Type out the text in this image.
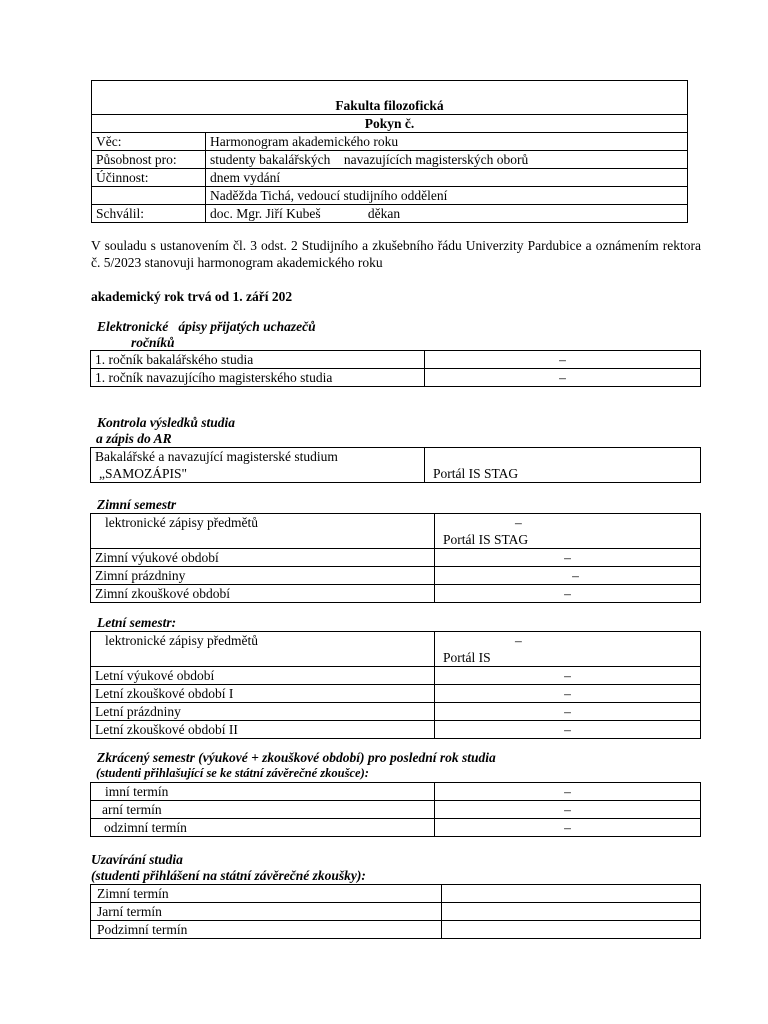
Fakulta filozofická	
Pokyn č.	
Věc:	Harmonogram akademického roku
Působnost pro:	studenty bakalářských    navazujících magisterských oborů
Účinnost:	dnem vydání
	Naděžda Tichá, vedoucí studijního oddělení
Schválil:	doc. Mgr. Jiří Kubeš              děkan
V souladu s ustanovením čl. 3 odst. 2 Studijního a zkušebního řádu Univerzity Pardubice a oznámením rektora č. 5/2023 stanovuji harmonogram akademického roku
akademický rok trvá od 1. září 202
Elektronické   ápisy přijatých uchazečů
ročníků
1. ročník bakalářského studia	–
1. ročník navazujícího magisterského studia	–
Kontrola výsledků studia
a zápis do AR
Bakalářské a navazující magisterské studium
„SAMOZÁPIS"	Portál IS STAG
Zimní semestr
lektronické zápisy předmětů	–
Portál IS STAG

Zimní výukové období	–
Zimní prázdniny	–
Zimní zkouškové období	–
Letní semestr:
lektronické zápisy předmětů	–
Portál IS

Letní výukové období	–
Letní zkouškové období I	–
Letní prázdniny	–
Letní zkouškové období II	–
Zkrácený semestr (výukové + zkouškové období) pro poslední rok studia
(studenti přihlašující se ke státní závěrečné zkoušce):
imní termín	–
arní termín	–
odzimní termín	–
Uzavírání studia
(studenti přihlášení na státní závěrečné zkoušky):
Zimní termín	
Jarní termín	
Podzimní termín	
